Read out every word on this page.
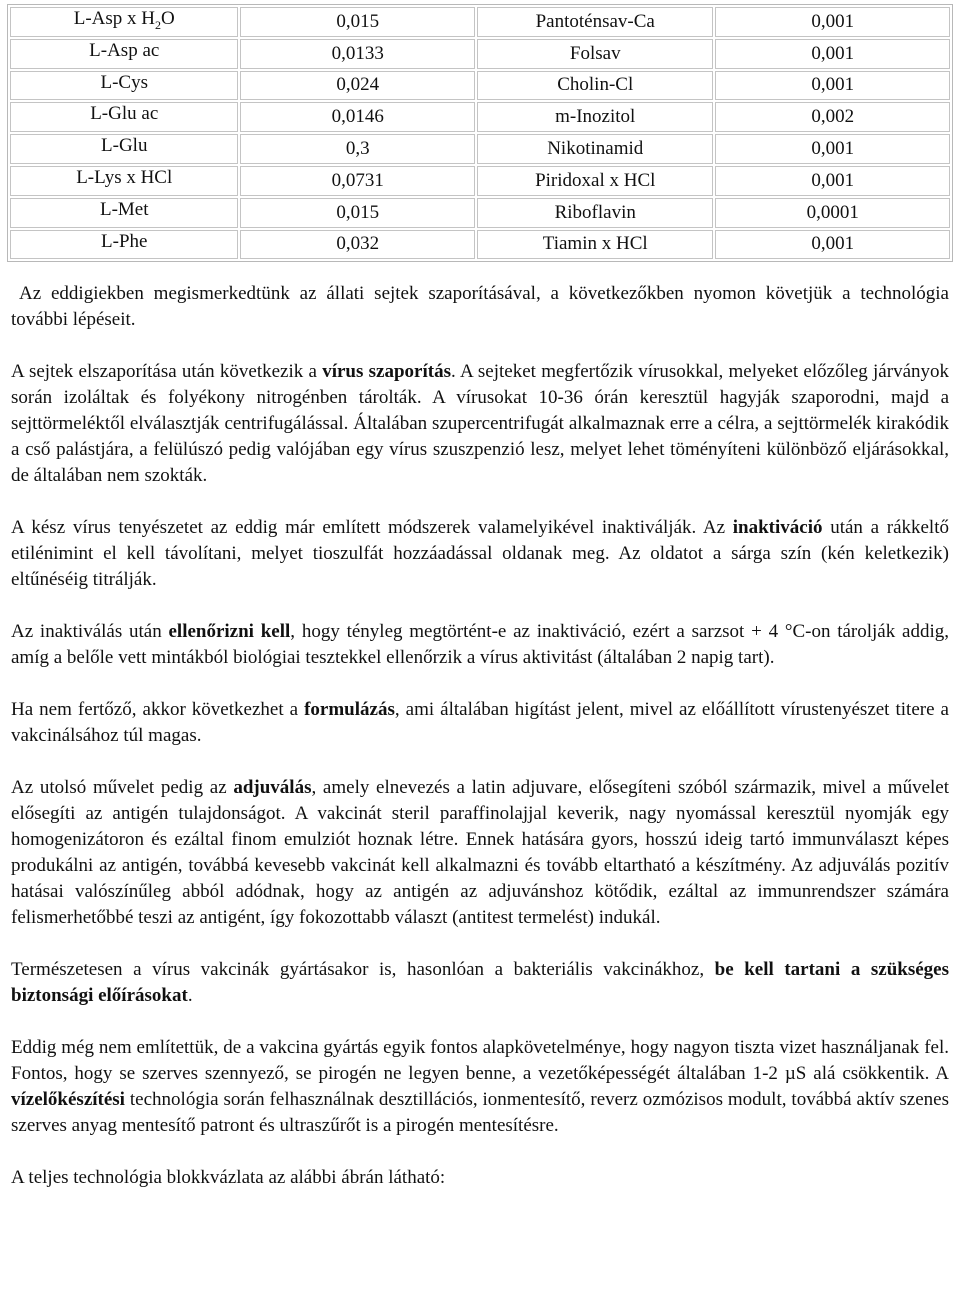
L-Asp x $H_2O$	0,015	Pantoténsav-Ca	0,001
L-Asp ac	0,0133	Folsav	0,001
L-Cys	0,024	Cholin-Cl	0,001
L-Glu ac	0,0146	m-Inozitol	0,002
L-Glu	0,3	Nikotinamid	0,001
L-Lys x HCl	0,0731	Piridoxal x HCl	0,001
L-Met	0,015	Riboflavin	0,0001
L-Phe	0,032	Tiamin x HCl	0,001

Az eddigiekben megismerkedtünk az állati sejtek szaporításával, a következőkben nyomon követjük a technológia további lépéseit.

A sejtek elszaporítása után következik a vírus szaporítás. A sejteket megfertőzik vírusokkal, melyeket előzőleg járványok során izoláltak és folyékony nitrogénben tárolták. A vírusokat 10-36 órán keresztül hagyják szaporodni, majd a sejttörmeléktől elválasztják centrifugálással. Általában szupercentrifugát alkalmaznak erre a célra, a sejttörmelék kirakódik a cső palástjára, a felülúszó pedig valójában egy vírus szuszpenzió lesz, melyet lehet töményíteni különböző eljárásokkal, de általában nem szokták.

A kész vírus tenyészetet az eddig már említett módszerek valamelyikével inaktiválják. Az inaktiváció után a rákkeltő etilénimint el kell távolítani, melyet tioszulfát hozzáadással oldanak meg. Az oldatot a sárga szín (kén keletkezik) eltűnéséig titrálják.

Az inaktiválás után ellenőrizni kell, hogy tényleg megtörtént-e az inaktiváció, ezért a sarzsot + 4 °C-on tárolják addig, amíg a belőle vett mintákból biológiai tesztekkel ellenőrzik a vírus aktivitást (általában 2 napig tart).

Ha nem fertőző, akkor következhet a formulázás, ami általában higítást jelent, mivel az előállított vírustenyészet titere a vakcinálsához túl magas.

Az utolsó művelet pedig az adjuválás, amely elnevezés a latin adjuvare, elősegíteni szóból származik, mivel a művelet elősegíti az antigén tulajdonságot. A vakcinát steril paraffinolajjal keverik, nagy nyomással keresztül nyomják egy homogenizátoron és ezáltal finom emulziót hoznak létre. Ennek hatására gyors, hosszú ideig tartó immunválaszt képes produkálni az antigén, továbbá kevesebb vakcinát kell alkalmazni és tovább eltartható a készítmény. Az adjuválás pozitív hatásai valószínűleg abból adódnak, hogy az antigén az adjuvánshoz kötődik, ezáltal az immunrendszer számára felismerhetőbbé teszi az antigént, így fokozottabb választ (antitest termelést) indukál.

Természetesen a vírus vakcinák gyártásakor is, hasonlóan a bakteriális vakcinákhoz, be kell tartani a szükséges biztonsági előírásokat.

Eddig még nem említettük, de a vakcina gyártás egyik fontos alapkövetelménye, hogy nagyon tiszta vizet használjanak fel. Fontos, hogy se szerves szennyező, se pirogén ne legyen benne, a vezetőképességét általában 1-2 µS alá csökkentik. A vízelőkészítési technológia során felhasználnak desztillációs, ionmentesítő, reverz ozmózisos modult, továbbá aktív szenes szerves anyag mentesítő patront és ultraszűrőt is a pirogén mentesítésre.

A teljes technológia blokkvázlata az alábbi ábrán látható:
